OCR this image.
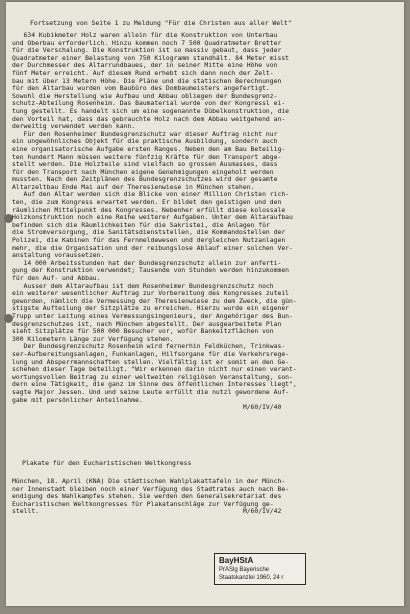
Fortsetzung von Seite 1 zu Meldung "Für die Christen aus aller Welt"
634 Kubikmeter Holz waren allein für die Konstruktion von Unterbau
und Oberbau erforderlich. Hinzu kommen noch 7 500 Quadratmeter Bretter
für die Verschalung. Die Konstruktion ist so massiv gebaut, dass jeder
Quadratmeter einer Belastung von 750 Kilogramm standhält. 84 Meter misst
der Durchmesser des Altarrundbaues, der in seiner Mitte eine Höhe von
fünf Meter erreicht. Auf diesem Rund erhebt sich dann noch der Zelt-
bau mit über 13 Metern Höhe. Die Pläne und die statischen Berechnungen
für den Altarbau wurden vom Baubüro des Dombaumeisters angefertigt.
Sowohl die Herstellung wie Aufbau und Abbau obliegen der Bundesgrenz-
schutz-Abteilung Rosenheim. Das Baumaterial wurde von der Kongressl ei-
tung gestellt. Es handelt sich um eine sogenannte Dübelkonstruktion, die
den Vorteil hat, dass das gebrauchte Holz nach dem Abbau weitgehend an-
derweitig verwendet werden kann.
Für den Rosenheimer Bundesgrenzschutz war dieser Auftrag nicht nur
ein ungewöhnliches Objekt für die praktische Ausbildung, sondern auch
eine organisatorische Aufgabe ersten Ranges. Neben den am Bau Beteilig-
ten hundert Mann müssen weitere fünfzig Kräfte für den Transport abge-
stellt werden. Die Holzteile sind vielfach so grossen Ausmasses, dass
für den Transport nach München eigene Genehmigungen eingeholt werden
mussten. Nach den Zeitplänen des Bundesgrenzschutzes wird der gesamte
Altarzeltbau Ende Mai auf der Theresienwiese in München stehen.
Auf den Altar werden sich die Blicke von einer Million Christen rich-
ten, die zum Kongress erwartet werden. Er bildet den geistigen und den
räumlichen Mittelpunkt des Kongresses. Nebenher erfüllt diese kolossale
Holzkonstruktion noch eine Reihe weiterer Aufgaben. Unter dem Altaraufbau
befinden sich die Räumlichkeiten für die Sakristei, die Anlagen für
die Stromversorgung, die Sanitätsdienststellen, die Kommandostellen der
Polizei, die Kabinen für das Fernmeldewesen und dergleichen Nutzanlagen
mehr, die die Organisation und der reibungslose Ablauf einer solchen Ver-
anstaltung voraussetzen.
14 000 Arbeitsstunden hat der Bundesgrenzschutz allein zur anferti-
gung der Konstruktion verwendet; Tausende von Stunden werden hinzukommen
für den Auf- und Abbau.
Ausser dem Altaraufbau ist dem Rosenheimer Bundesgrenzschutz noch
ein weiterer wesentlicher Auftrag zur Vorbereitung des Kongresses zuteil
geworden, nämlich die Vermessung der Theresienwiese zu dem Zweck, die gün-
stigste Aufteilung der Sitzplätze zu erreichen. Hierzu wurde ein eigener
Trupp unter Leitung eines Vermessungsingenieurs, der Angehöriger des Bun-
desgrenzschutzes ist, nach München abgestellt. Der ausgearbeitete Plan
sieht Sitzplätze für 500 000 Besucher vor, wofür Bankeitzflächen von
300 Kilometern Länge zur Verfügung stehen.
Der Bundesgrenzschutz Rosenheim wird fernerhin Feldküchen, Trinkwas-
ser-Aufbereitungsanlagen, Funkanlagen, Hilfsorgane für die Verkehrsrege-
lung und Absperrmannschaften stellen. Vielfältig ist er somit an den Ge-
schehen dieser Tage beteiligt. "Wir erkennen darin nicht nur einen verant-
wortungsvollen Beitrag zu einer weltweiten religiösen Veranstaltung, son-
dern eine Tätigkeit, die ganz im Sinne des öffentlichen Interesses liegt",
sagte Major Jessen. Und und seine Leute erfüllt die nutzl gewordene Auf-
gabe mit persönlicher Anteilnahme.
M/60/IV/40
Plakate für den Eucharistischen Weltkongress
München, 18. April (KNA) Die städtischen Wahlplakattafeln in der Münch-
ner Innenstadt bleiben noch einer Verfügung des Stadtrates auch nach Be-
endigung des Wahlkampfes stehen. Sie werden den Generalsekretariat des
Eucharistischen Weltkongresses für Plakatanschläge zur Verfügung ge-
stellt.                                                     M/60/IV/42
BayHStA
PrASlg Bayerische
Staatskanzlei 1960, 24 r
